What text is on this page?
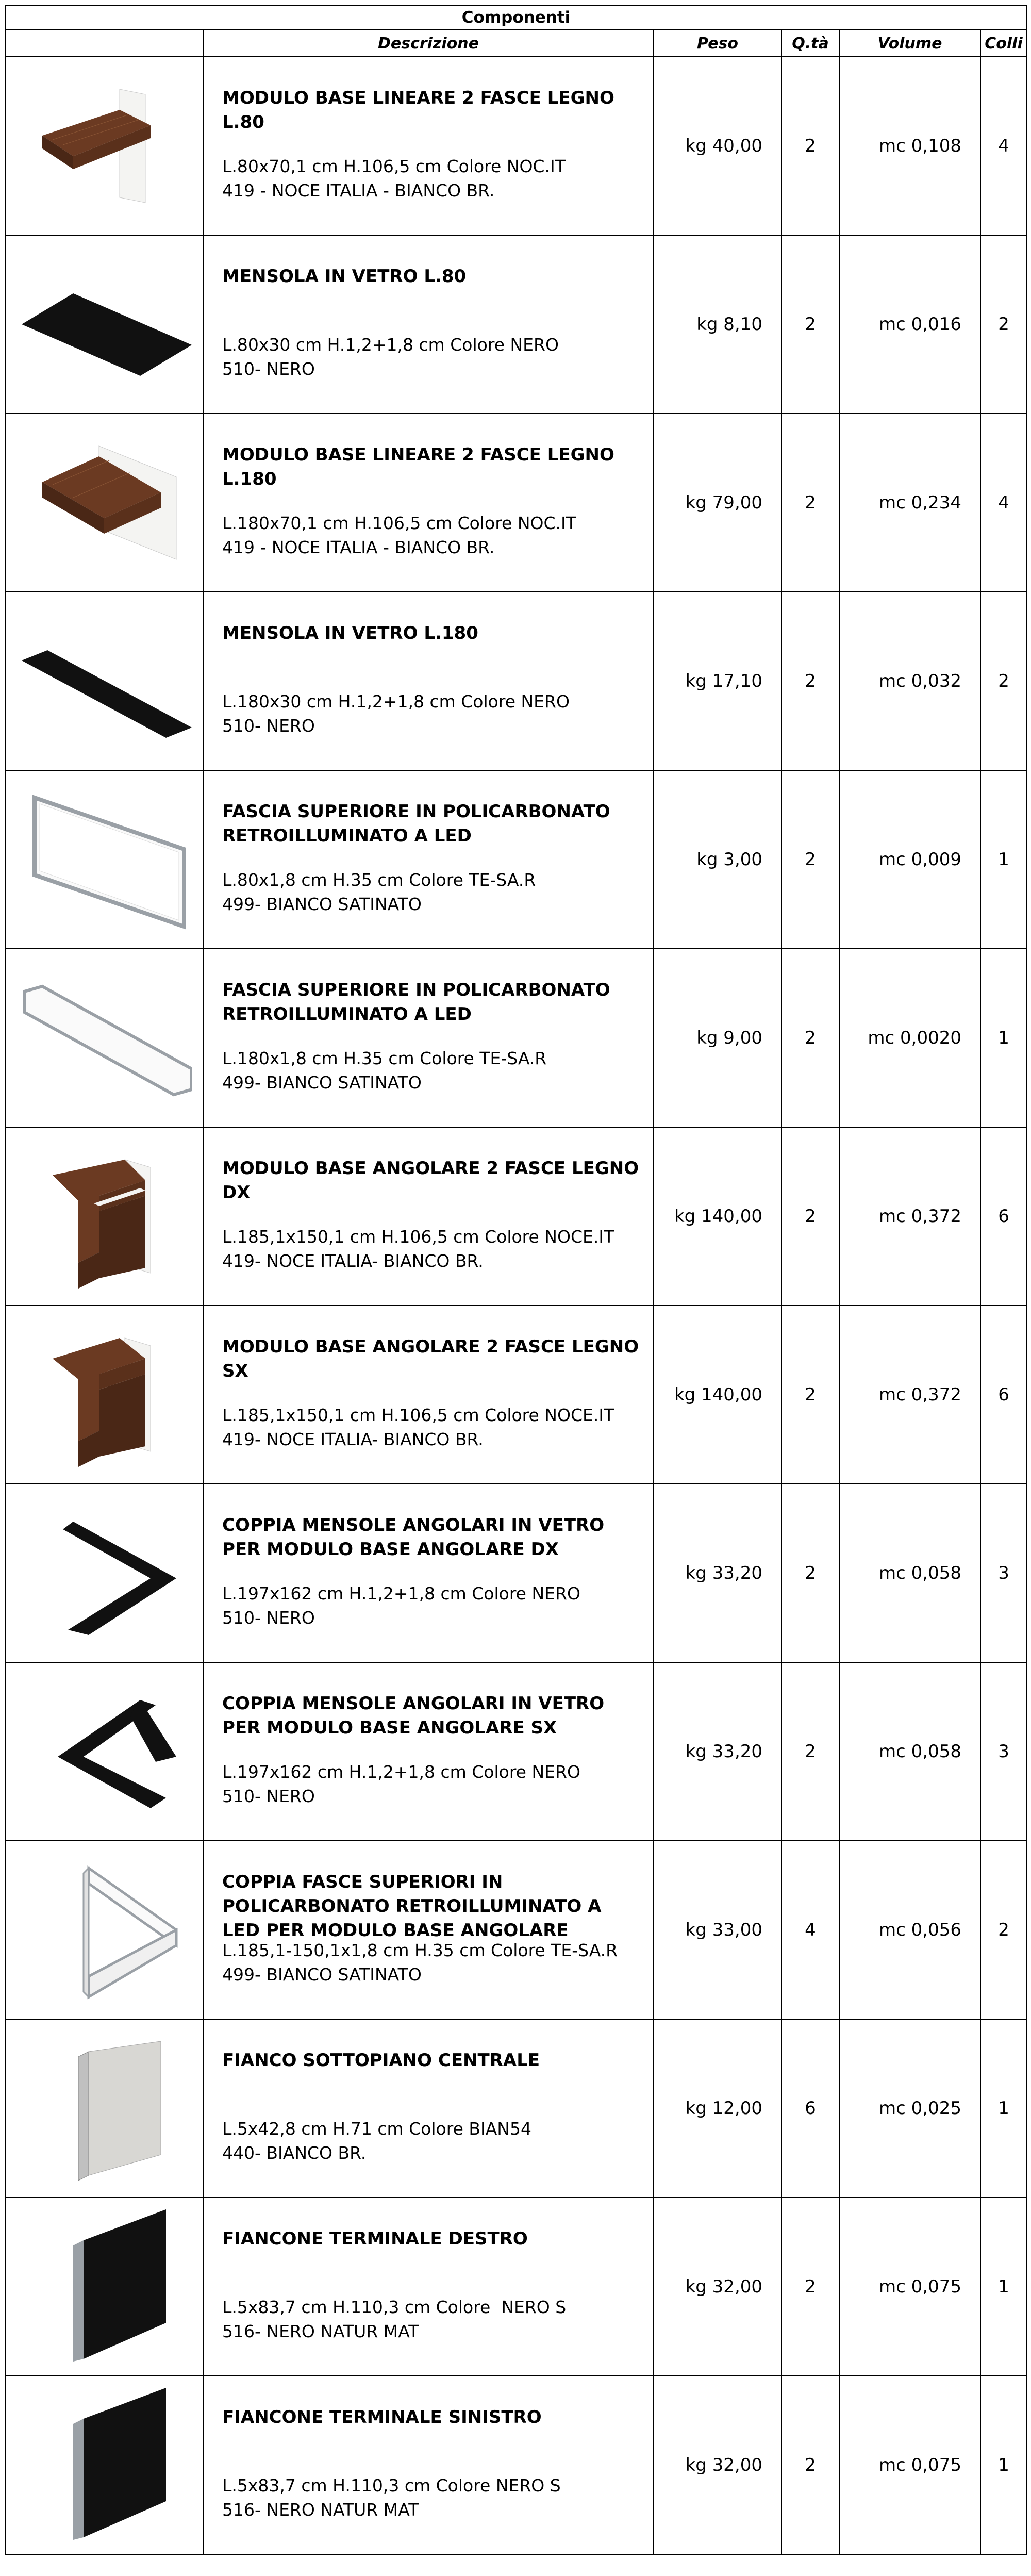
Componenti					
	Descrizione	Peso	Q.tà	Volume	Colli

MODULO BASE LINEARE 2 FASCE LEGNO L.80
L.80x70,1 cm H.106,5 cm Colore NOC.IT
419 - NOCE ITALIA - BIANCO BR.	kg 40,00	2	mc 0,108	4

MENSOLA IN VETRO L.80
L.80x30 cm H.1,2+1,8 cm Colore NERO
510- NERO	kg 8,10	2	mc 0,016	2

MODULO BASE LINEARE 2 FASCE LEGNO L.180
L.180x70,1 cm H.106,5 cm Colore NOC.IT
419 - NOCE ITALIA - BIANCO BR.	kg 79,00	2	mc 0,234	4

MENSOLA IN VETRO L.180
L.180x30 cm H.1,2+1,8 cm Colore NERO
510- NERO	kg 17,10	2	mc 0,032	2

FASCIA SUPERIORE IN POLICARBONATO RETROILLUMINATO A LED
L.80x1,8 cm H.35 cm Colore TE-SA.R
499- BIANCO SATINATO	kg 3,00	2	mc 0,009	1

FASCIA SUPERIORE IN POLICARBONATO RETROILLUMINATO A LED
L.180x1,8 cm H.35 cm Colore TE-SA.R
499- BIANCO SATINATO	kg 9,00	2	mc 0,0020	1

MODULO BASE ANGOLARE 2 FASCE LEGNO DX
L.185,1x150,1 cm H.106,5 cm Colore NOCE.IT
419- NOCE ITALIA- BIANCO BR.	kg 140,00	2	mc 0,372	6

MODULO BASE ANGOLARE 2 FASCE LEGNO SX
L.185,1x150,1 cm H.106,5 cm Colore NOCE.IT
419- NOCE ITALIA- BIANCO BR.	kg 140,00	2	mc 0,372	6

COPPIA MENSOLE ANGOLARI IN VETRO PER MODULO BASE ANGOLARE DX
L.197x162 cm H.1,2+1,8 cm Colore NERO
510- NERO	kg 33,20	2	mc 0,058	3

COPPIA MENSOLE ANGOLARI IN VETRO PER MODULO BASE ANGOLARE SX
L.197x162 cm H.1,2+1,8 cm Colore NERO
510- NERO	kg 33,20	2	mc 0,058	3

COPPIA FASCE SUPERIORI IN POLICARBONATO RETROILLUMINATO A LED PER MODULO BASE ANGOLARE
L.185,1-150,1x1,8 cm H.35 cm Colore TE-SA.R
499- BIANCO SATINATO	kg 33,00	4	mc 0,056	2

FIANCO SOTTOPIANO CENTRALE
L.5x42,8 cm H.71 cm Colore BIAN54
440- BIANCO BR.	kg 12,00	6	mc 0,025	1

FIANCONE TERMINALE DESTRO
L.5x83,7 cm H.110,3 cm Colore  NERO S
516- NERO NATUR MAT	kg 32,00	2	mc 0,075	1

FIANCONE TERMINALE SINISTRO
L.5x83,7 cm H.110,3 cm Colore NERO S
516- NERO NATUR MAT	kg 32,00	2	mc 0,075	1
